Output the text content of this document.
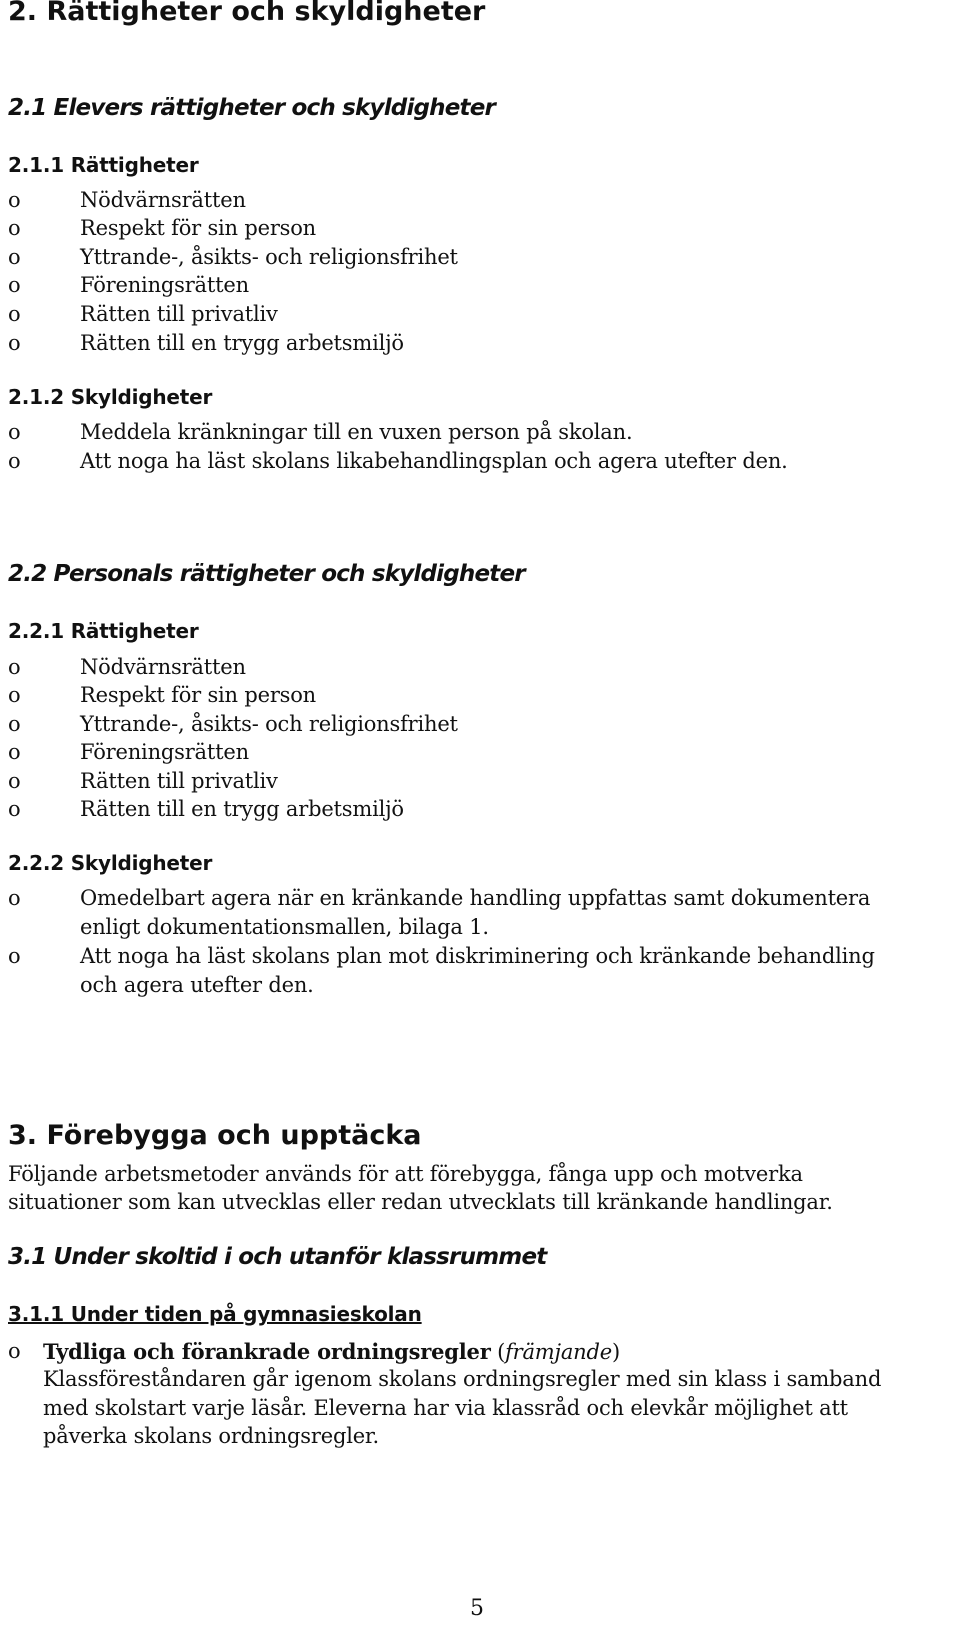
2. Rättigheter och skyldigheter
2.1 Elevers rättigheter och skyldigheter
2.1.1 Rättigheter
o	Nödvärnsrätten
o	Respekt för sin person
o	Yttrande-, åsikts- och religionsfrihet
o	Föreningsrätten
o	Rätten till privatliv
o	Rätten till en trygg arbetsmiljö
2.1.2 Skyldigheter
o	Meddela kränkningar till en vuxen person på skolan.
o	Att noga ha läst skolans likabehandlingsplan och agera utefter den.
2.2 Personals rättigheter och skyldigheter
2.2.1 Rättigheter
o	Nödvärnsrätten
o	Respekt för sin person
o	Yttrande-, åsikts- och religionsfrihet
o	Föreningsrätten
o	Rätten till privatliv
o	Rätten till en trygg arbetsmiljö
2.2.2 Skyldigheter
o	Omedelbart agera när en kränkande handling uppfattas samt dokumentera
enligt dokumentationsmallen, bilaga 1.
o	Att noga ha läst skolans plan mot diskriminering och kränkande behandling
och agera utefter den.
3. Förebygga och upptäcka
Följande arbetsmetoder används för att förebygga, fånga upp och motverka
situationer som kan utvecklas eller redan utvecklats till kränkande handlingar.
3.1 Under skoltid i och utanför klassrummet
3.1.1 Under tiden på gymnasieskolan
o Tydliga och förankrade ordningsregler (främjande)
Klassföreståndaren går igenom skolans ordningsregler med sin klass i samband
med skolstart varje läsår. Eleverna har via klassråd och elevkår möjlighet att
påverka skolans ordningsregler.
5
